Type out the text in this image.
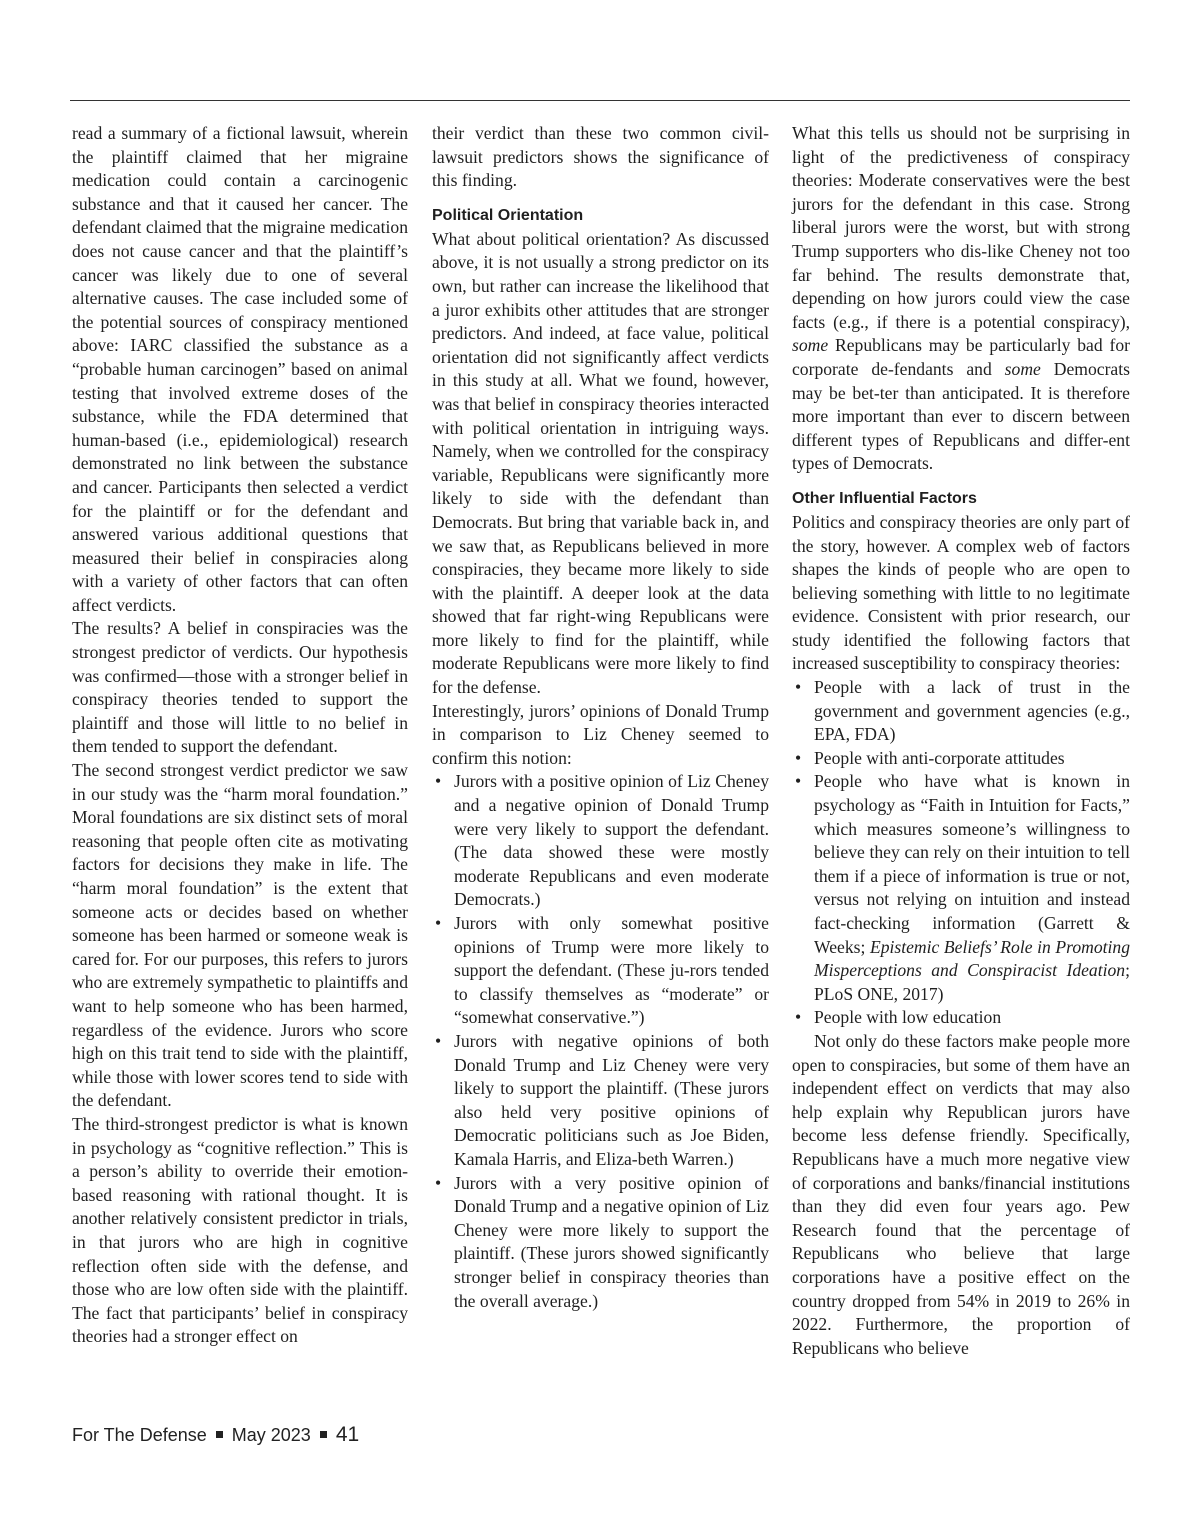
read a summary of a fictional lawsuit, wherein the plaintiff claimed that her migraine medication could contain a carcinogenic substance and that it caused her cancer. The defendant claimed that the migraine medication does not cause cancer and that the plaintiff’s cancer was likely due to one of several alternative causes. The case included some of the potential sources of conspiracy mentioned above: IARC classified the substance as a “probable human carcinogen” based on animal testing that involved extreme doses of the substance, while the FDA determined that human-based (i.e., epidemiological) research demonstrated no link between the substance and cancer. Participants then selected a verdict for the plaintiff or for the defendant and answered various additional questions that measured their belief in conspiracies along with a variety of other factors that can often affect verdicts.

The results? A belief in conspiracies was the strongest predictor of verdicts. Our hypothesis was confirmed—those with a stronger belief in conspiracy theories tended to support the plaintiff and those will little to no belief in them tended to support the defendant.

The second strongest verdict predictor we saw in our study was the “harm moral foundation.” Moral foundations are six distinct sets of moral reasoning that people often cite as motivating factors for decisions they make in life. The “harm moral foundation” is the extent that someone acts or decides based on whether someone has been harmed or someone weak is cared for. For our purposes, this refers to jurors who are extremely sympathetic to plaintiffs and want to help someone who has been harmed, regardless of the evidence. Jurors who score high on this trait tend to side with the plaintiff, while those with lower scores tend to side with the defendant.

The third-strongest predictor is what is known in psychology as “cognitive reflection.” This is a person’s ability to override their emotion-based reasoning with rational thought. It is another relatively consistent predictor in trials, in that jurors who are high in cognitive reflection often side with the defense, and those who are low often side with the plaintiff. The fact that participants’ belief in conspiracy theories had a stronger effect on

their verdict than these two common civil-lawsuit predictors shows the significance of this finding.

Political Orientation

What about political orientation? As discussed above, it is not usually a strong predictor on its own, but rather can increase the likelihood that a juror exhibits other attitudes that are stronger predictors. And indeed, at face value, political orientation did not significantly affect verdicts in this study at all. What we found, however, was that belief in conspiracy theories interacted with political orientation in intriguing ways. Namely, when we controlled for the conspiracy variable, Republicans were significantly more likely to side with the defendant than Democrats. But bring that variable back in, and we saw that, as Republicans believed in more conspiracies, they became more likely to side with the plaintiff. A deeper look at the data showed that far right-wing Republicans were more likely to find for the plaintiff, while moderate Republicans were more likely to find for the defense.

Interestingly, jurors’ opinions of Donald Trump in comparison to Liz Cheney seemed to confirm this notion:

• Jurors with a positive opinion of Liz Cheney and a negative opinion of Donald Trump were very likely to support the defendant. (The data showed these were mostly moderate Republicans and even moderate Democrats.)
• Jurors with only somewhat positive opinions of Trump were more likely to support the defendant. (These ju-rors tended to classify themselves as “moderate” or “somewhat conservative.”)
• Jurors with negative opinions of both Donald Trump and Liz Cheney were very likely to support the plaintiff. (These jurors also held very positive opinions of Democratic politicians such as Joe Biden, Kamala Harris, and Eliza-beth Warren.)
• Jurors with a very positive opinion of Donald Trump and a negative opinion of Liz Cheney were more likely to support the plaintiff. (These jurors showed significantly stronger belief in conspiracy theories than the overall average.)

What this tells us should not be surprising in light of the predictiveness of conspiracy theories: Moderate conservatives were the best jurors for the defendant in this case. Strong liberal jurors were the worst, but with strong Trump supporters who dis-like Cheney not too far behind. The results demonstrate that, depending on how jurors could view the case facts (e.g., if there is a potential conspiracy), some Republicans may be particularly bad for corporate de-fendants and some Democrats may be bet-ter than anticipated. It is therefore more important than ever to discern between different types of Republicans and differ-ent types of Democrats.

Other Influential Factors

Politics and conspiracy theories are only part of the story, however. A complex web of factors shapes the kinds of people who are open to believing something with little to no legitimate evidence. Consistent with prior research, our study identified the following factors that increased susceptibility to conspiracy theories:

• People with a lack of trust in the government and government agencies (e.g., EPA, FDA)
• People with anti-corporate attitudes
• People who have what is known in psychology as “Faith in Intuition for Facts,” which measures someone’s willingness to believe they can rely on their intuition to tell them if a piece of information is true or not, versus not relying on intuition and instead fact-checking information (Garrett & Weeks; Epistemic Beliefs’ Role in Promoting Misperceptions and Conspiracist Ideation; PLoS ONE, 2017)
• People with low education

Not only do these factors make people more open to conspiracies, but some of them have an independent effect on verdicts that may also help explain why Republican jurors have become less defense friendly. Specifically, Republicans have a much more negative view of corporations and banks/financial institutions than they did even four years ago. Pew Research found that the percentage of Republicans who believe that large corporations have a positive effect on the country dropped from 54% in 2019 to 26% in 2022. Furthermore, the proportion of Republicans who believe

For The Defense May 2023 41
